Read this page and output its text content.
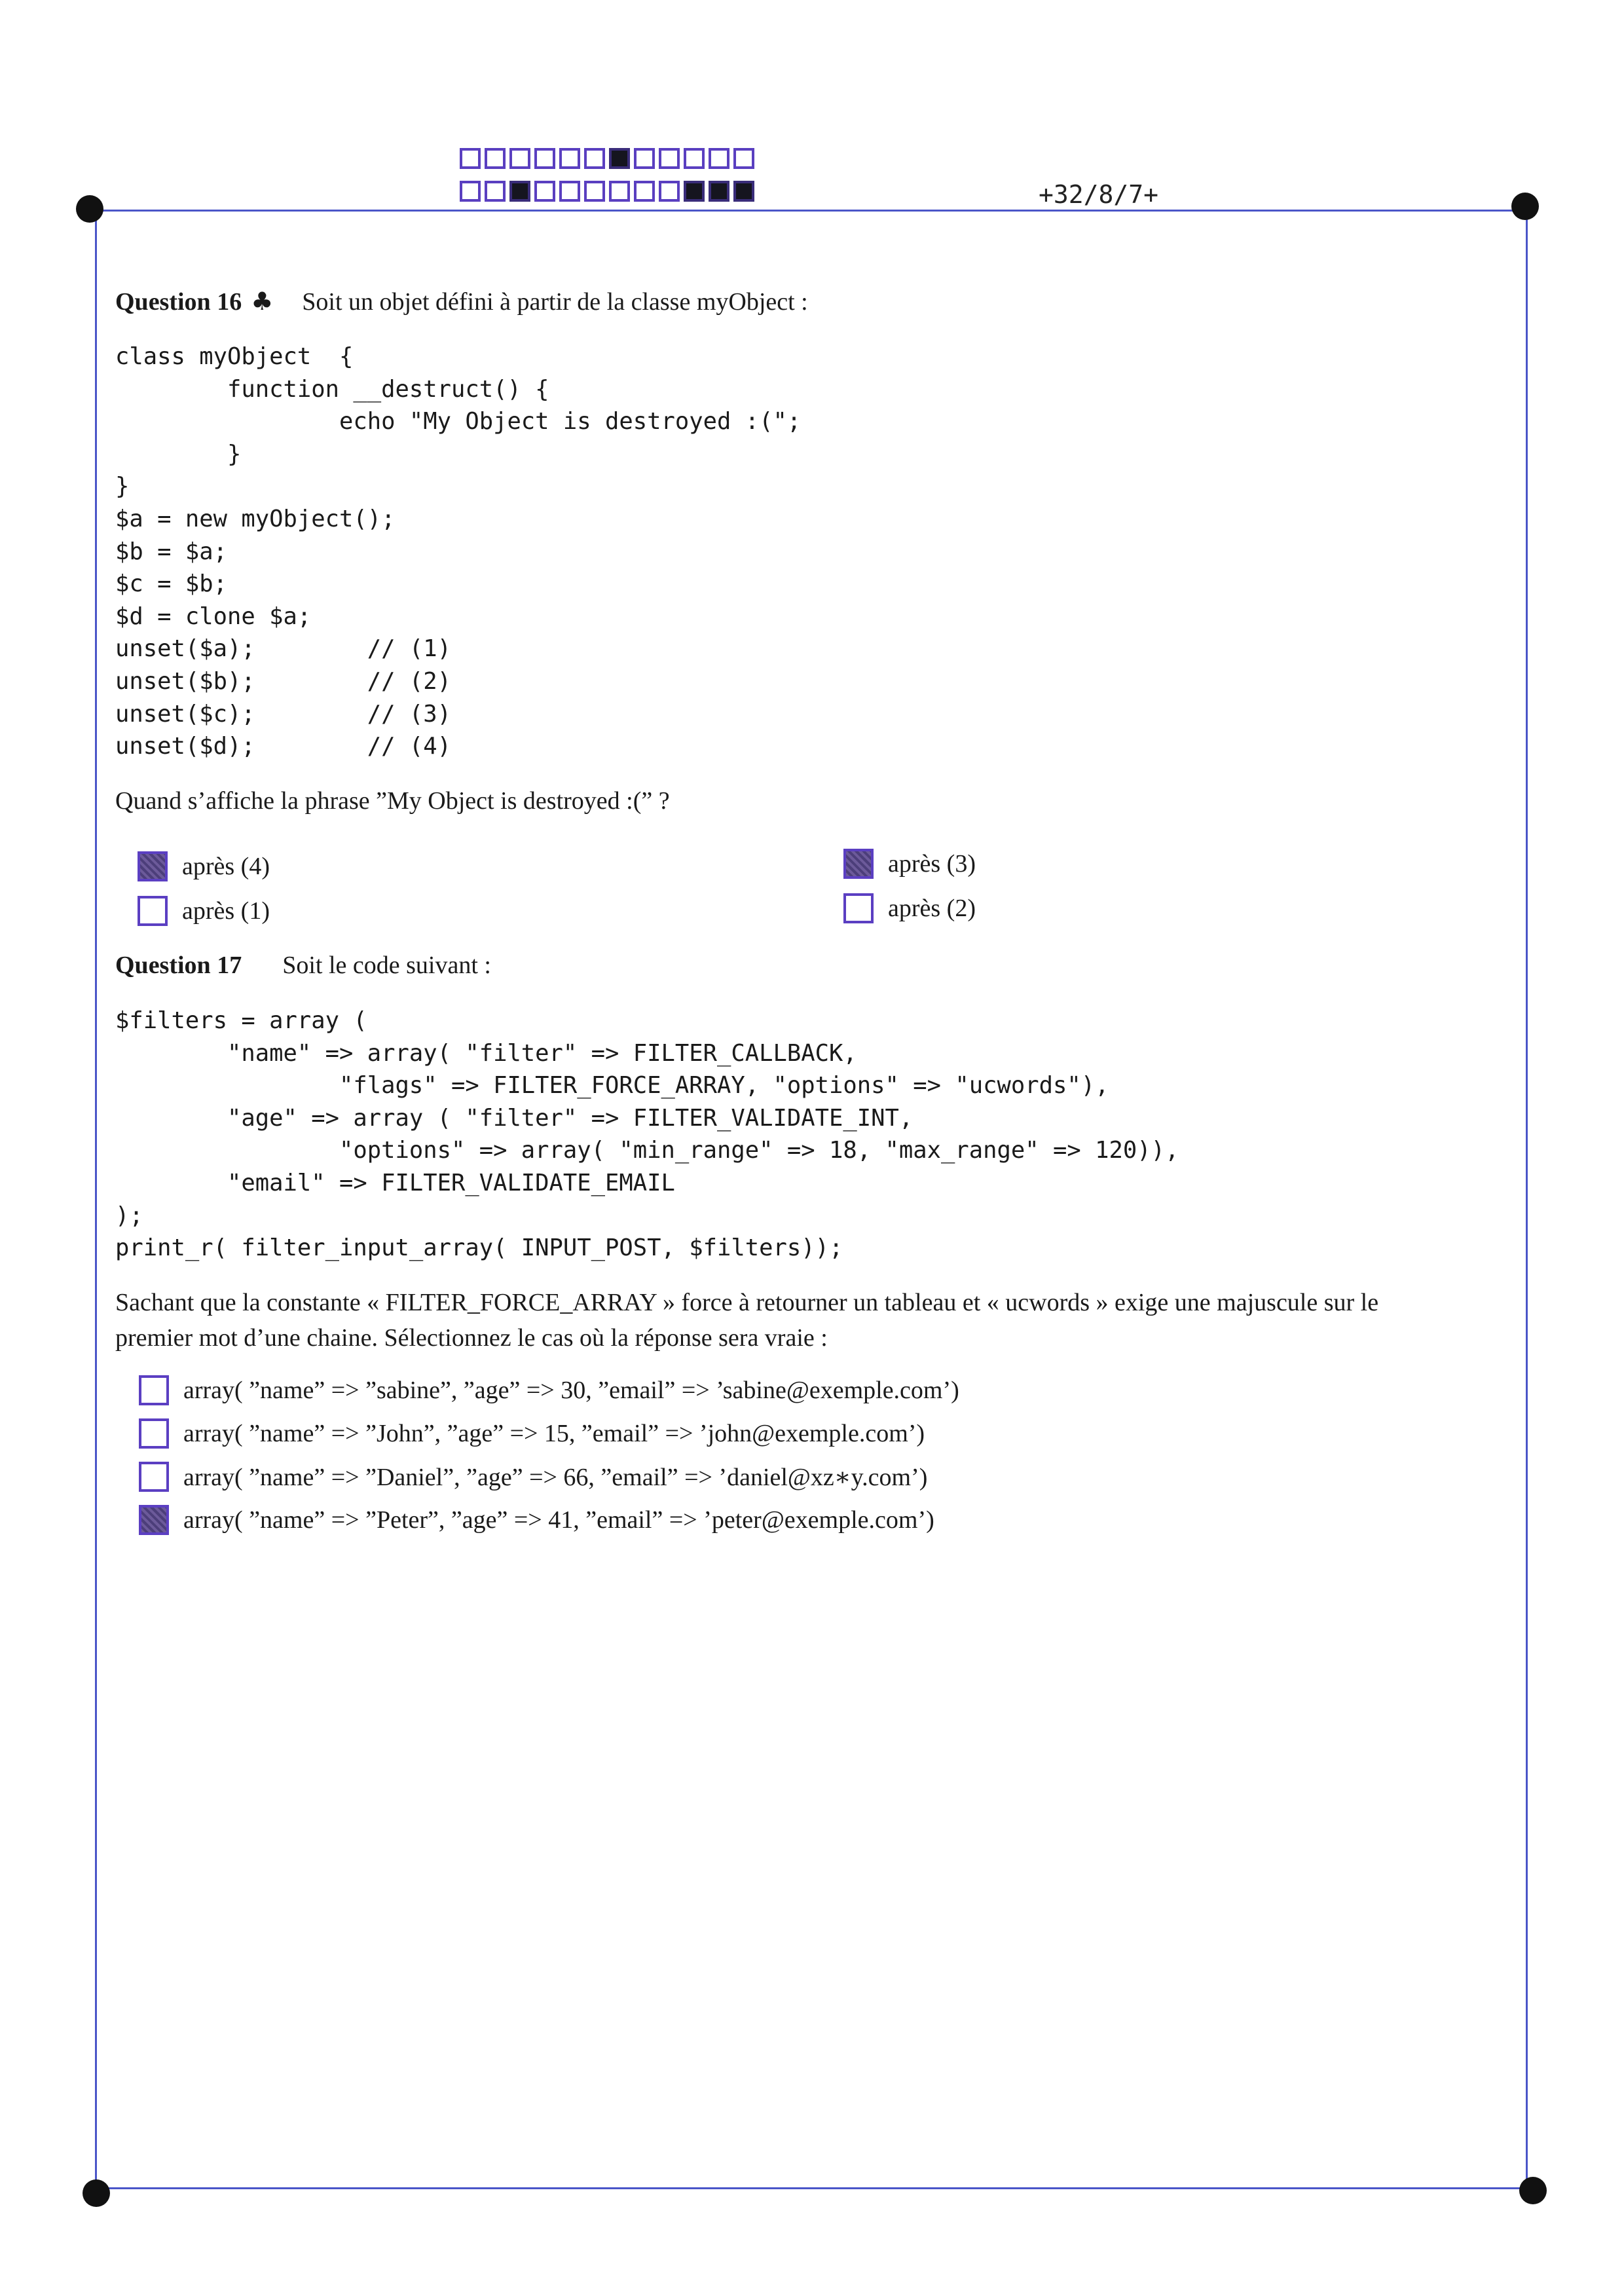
+32/8/7+
Question 16 ♣ Soit un objet défini à partir de la classe myObject :
class myObject  {
function __destruct() {
echo "My Object is destroyed :(";
}
}
$a = new myObject();
$b = $a;
$c = $b;
$d = clone $a;
unset($a);        // (1)
unset($b);        // (2)
unset($c);        // (3)
unset($d);        // (4)
Quand s’affiche la phrase ”My Object is destroyed :(” ?
après (4)
après (1)
après (3)
après (2)
Question 17 Soit le code suivant :
$filters = array (
"name" => array( "filter" => FILTER_CALLBACK,
"flags" => FILTER_FORCE_ARRAY, "options" => "ucwords"),
"age" => array ( "filter" => FILTER_VALIDATE_INT,
"options" => array( "min_range" => 18, "max_range" => 120)),
"email" => FILTER_VALIDATE_EMAIL
);
print_r( filter_input_array( INPUT_POST, $filters));
Sachant que la constante « FILTER_FORCE_ARRAY » force à retourner un tableau et « ucwords » exige une majuscule sur le
premier mot d’une chaine. Sélectionnez le cas où la réponse sera vraie :
array( ”name” => ”sabine”, ”age” => 30, ”email” => ’sabine@exemple.com’)
array( ”name” => ”John”, ”age” => 15, ”email” => ’john@exemple.com’)
array( ”name” => ”Daniel”, ”age” => 66, ”email” => ’daniel@xz∗y.com’)
array( ”name” => ”Peter”, ”age” => 41, ”email” => ’peter@exemple.com’)
